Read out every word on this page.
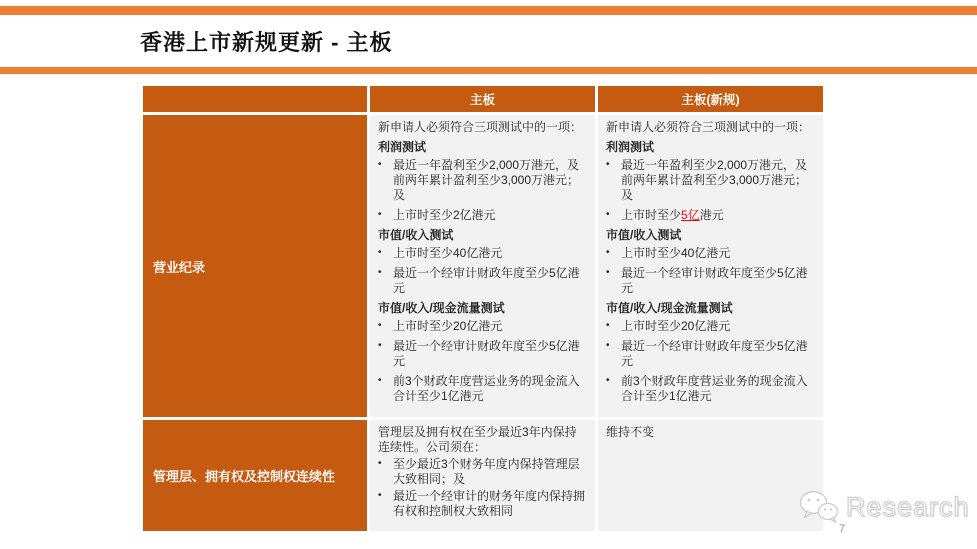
香港上市新规更新 - 主板
主板	主板(新规)
营业纪录
新申请人必须符合三项测试中的一项：
利润测试
• 最近一年盈利至少2,000万港元，及前两年累计盈利至少3,000万港元；及
• 上市时至少2亿港元
市值/收入测试
• 上市时至少40亿港元
• 最近一个经审计财政年度至少5亿港元
市值/收入/现金流量测试
• 上市时至少20亿港元
• 最近一个经审计财政年度至少5亿港元
• 前3个财政年度营运业务的现金流入合计至少1亿港元
新申请人必须符合三项测试中的一项：
利润测试
• 最近一年盈利至少2,000万港元，及前两年累计盈利至少3,000万港元；及
• 上市时至少5亿港元
市值/收入测试
• 上市时至少40亿港元
• 最近一个经审计财政年度至少5亿港元
市值/收入/现金流量测试
• 上市时至少20亿港元
• 最近一个经审计财政年度至少5亿港元
• 前3个财政年度营运业务的现金流入合计至少1亿港元
管理层、拥有权及控制权连续性
管理层及拥有权在至少最近3年内保持连续性。公司须在：
• 至少最近3个财务年度内保持管理层大致相同；及
• 最近一个经审计的财务年度内保持拥有权和控制权大致相同
维持不变
Research
7
